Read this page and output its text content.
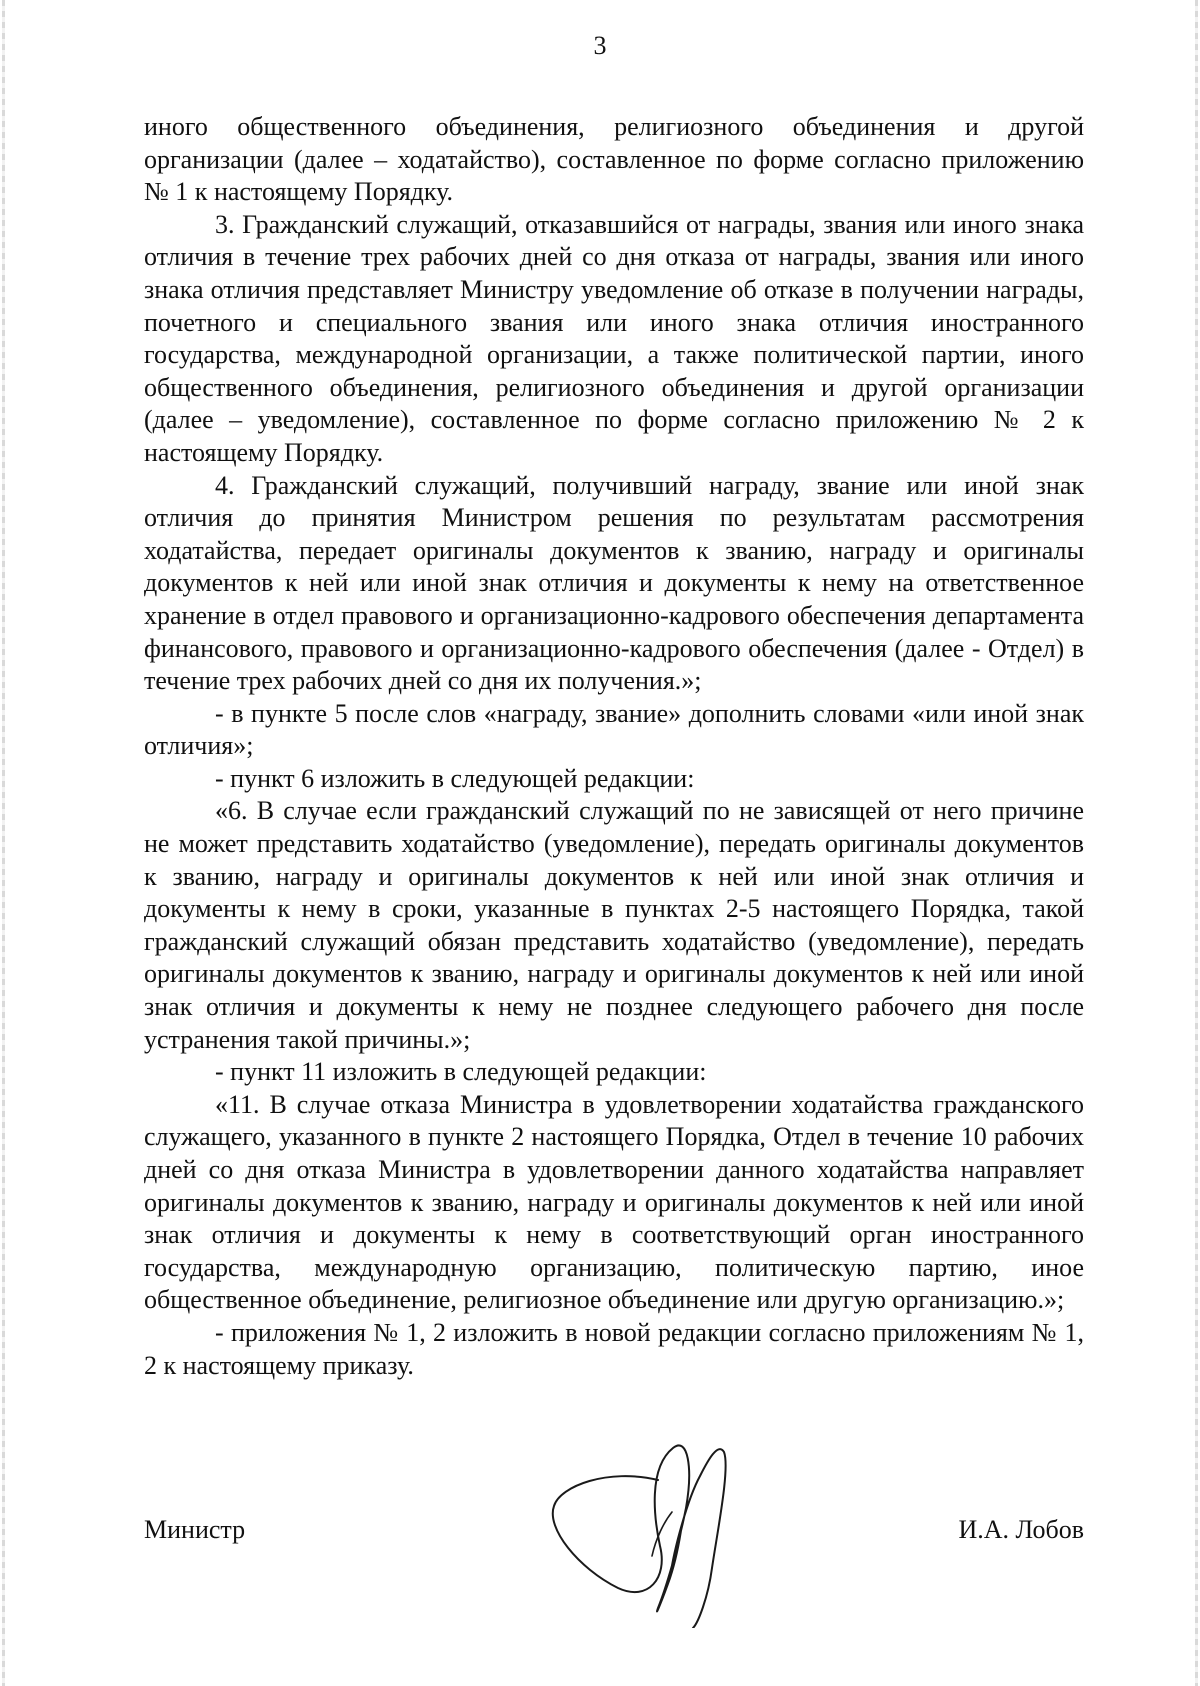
3

иного общественного объединения, религиозного объединения и другой организации (далее – ходатайство), составленное по форме согласно приложению № 1 к настоящему Порядку.

3. Гражданский служащий, отказавшийся от награды, звания или иного знака отличия в течение трех рабочих дней со дня отказа от награды, звания или иного знака отличия представляет Министру уведомление об отказе в получении награды, почетного и специального звания или иного знака отличия иностранного государства, международной организации, а также политической партии, иного общественного объединения, религиозного объединения и другой организации (далее – уведомление), составленное по форме согласно приложению № 2 к настоящему Порядку.

4. Гражданский служащий, получивший награду, звание или иной знак отличия до принятия Министром решения по результатам рассмотрения ходатайства, передает оригиналы документов к званию, награду и оригиналы документов к ней или иной знак отличия и документы к нему на ответственное хранение в отдел правового и организационно-кадрового обеспечения департамента финансового, правового и организационно-кадрового обеспечения (далее - Отдел) в течение трех рабочих дней со дня их получения.»;

- в пункте 5 после слов «награду, звание» дополнить словами «или иной знак отличия»;

- пункт 6 изложить в следующей редакции:

«6. В случае если гражданский служащий по не зависящей от него причине не может представить ходатайство (уведомление), передать оригиналы документов к званию, награду и оригиналы документов к ней или иной знак отличия и документы к нему в сроки, указанные в пунктах 2-5 настоящего Порядка, такой гражданский служащий обязан представить ходатайство (уведомление), передать оригиналы документов к званию, награду и оригиналы документов к ней или иной знак отличия и документы к нему не позднее следующего рабочего дня после устранения такой причины.»;

- пункт 11 изложить в следующей редакции:

«11. В случае отказа Министра в удовлетворении ходатайства гражданского служащего, указанного в пункте 2 настоящего Порядка, Отдел в течение 10 рабочих дней со дня отказа Министра в удовлетворении данного ходатайства направляет оригиналы документов к званию, награду и оригиналы документов к ней или иной знак отличия и документы к нему в соответствующий орган иностранного государства, международную организацию, политическую партию, иное общественное объединение, религиозное объединение или другую организацию.»;

- приложения № 1, 2 изложить в новой редакции согласно приложениям № 1, 2 к настоящему приказу.

Министр	И.А. Лобов
